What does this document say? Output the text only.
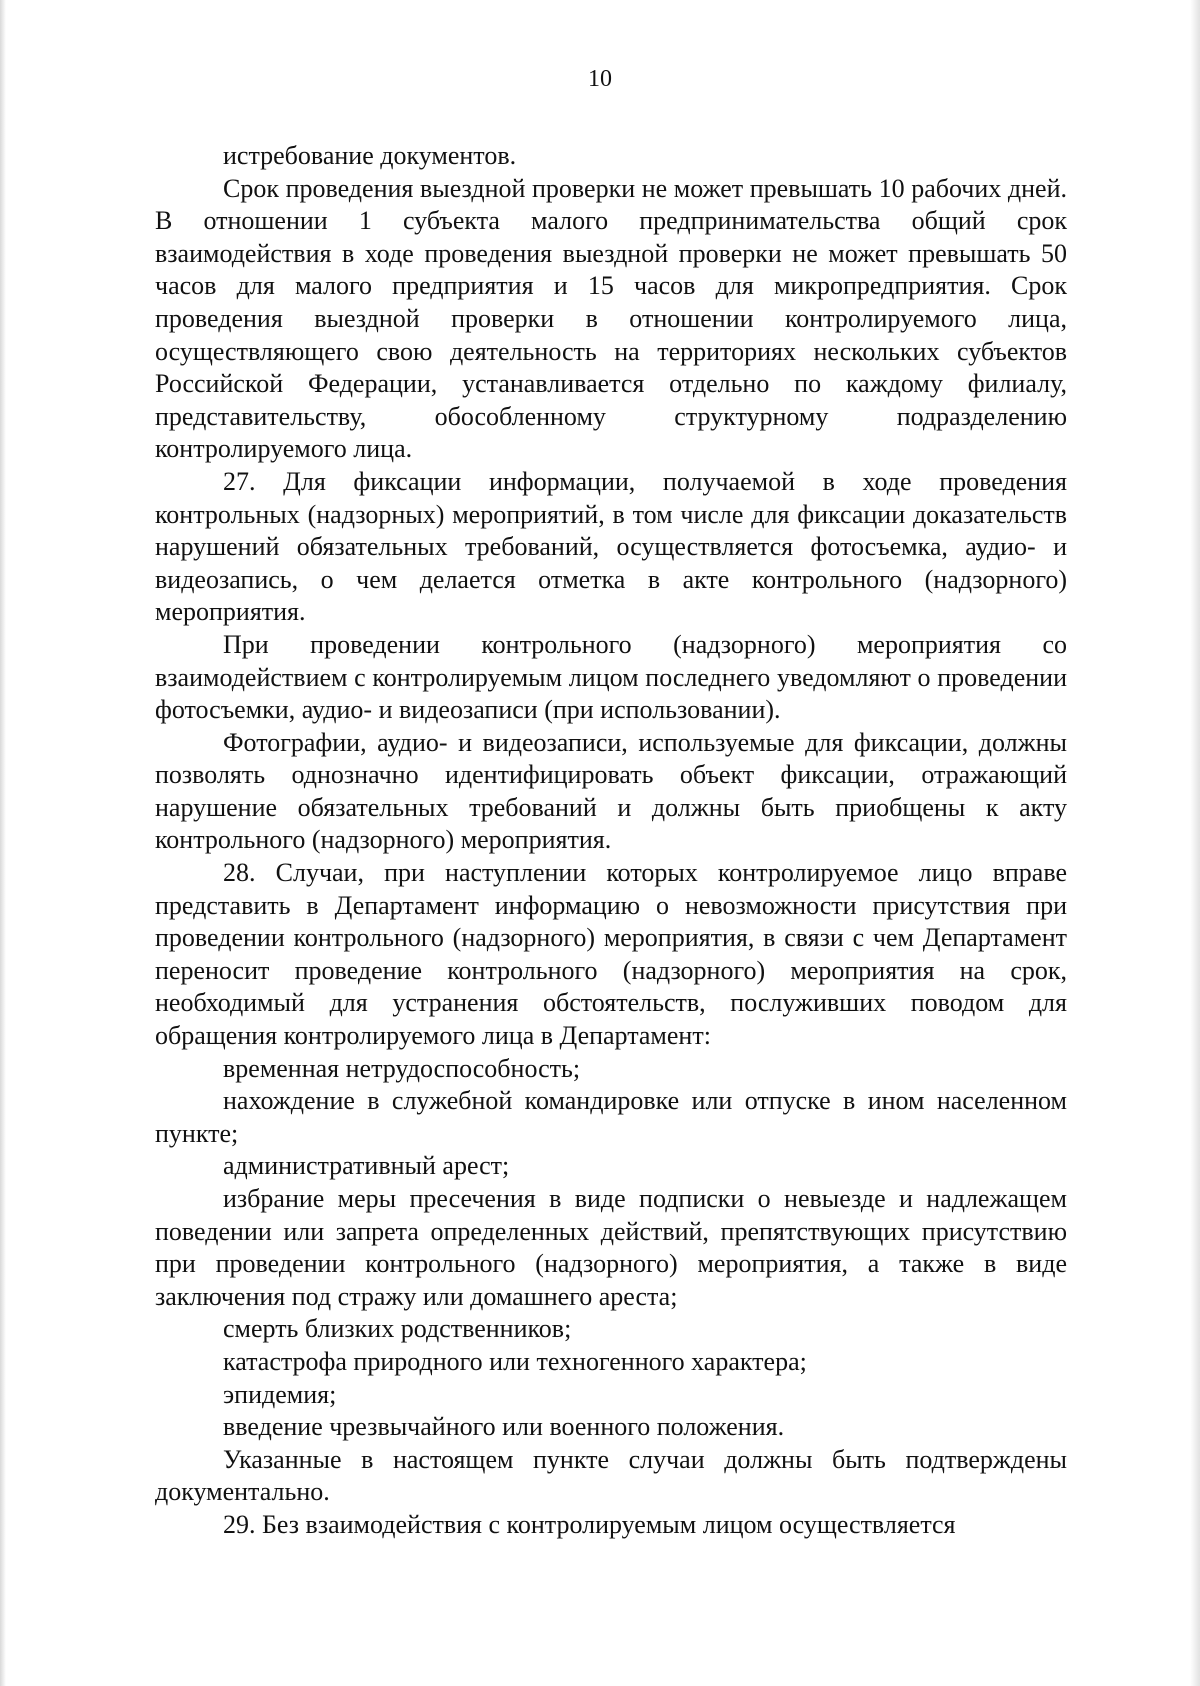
10

истребование документов.

Срок проведения выездной проверки не может превышать 10 рабочих дней. В отношении 1 субъекта малого предпринимательства общий срок взаимодействия в ходе проведения выездной проверки не может превышать 50 часов для малого предприятия и 15 часов для микропредприятия. Срок проведения выездной проверки в отношении контролируемого лица, осуществляющего свою деятельность на территориях нескольких субъектов Российской Федерации, устанавливается отдельно по каждому филиалу, представительству, обособленному структурному подразделению контролируемого лица.

27. Для фиксации информации, получаемой в ходе проведения контрольных (надзорных) мероприятий, в том числе для фиксации доказательств нарушений обязательных требований, осуществляется фотосъемка, аудио- и видеозапись, о чем делается отметка в акте контрольного (надзорного) мероприятия.

При проведении контрольного (надзорного) мероприятия со взаимодействием с контролируемым лицом последнего уведомляют о проведении фотосъемки, аудио- и видеозаписи (при использовании).

Фотографии, аудио- и видеозаписи, используемые для фиксации, должны позволять однозначно идентифицировать объект фиксации, отражающий нарушение обязательных требований и должны быть приобщены к акту контрольного (надзорного) мероприятия.

28. Случаи, при наступлении которых контролируемое лицо вправе представить в Департамент информацию о невозможности присутствия при проведении контрольного (надзорного) мероприятия, в связи с чем Департамент переносит проведение контрольного (надзорного) мероприятия на срок, необходимый для устранения обстоятельств, послуживших поводом для обращения контролируемого лица в Департамент:

временная нетрудоспособность;

нахождение в служебной командировке или отпуске в ином населенном пункте;

административный арест;

избрание меры пресечения в виде подписки о невыезде и надлежащем поведении или запрета определенных действий, препятствующих присутствию при проведении контрольного (надзорного) мероприятия, а также в виде заключения под стражу или домашнего ареста;

смерть близких родственников;

катастрофа природного или техногенного характера;

эпидемия;

введение чрезвычайного или военного положения.

Указанные в настоящем пункте случаи должны быть подтверждены документально.

29. Без взаимодействия с контролируемым лицом осуществляется
